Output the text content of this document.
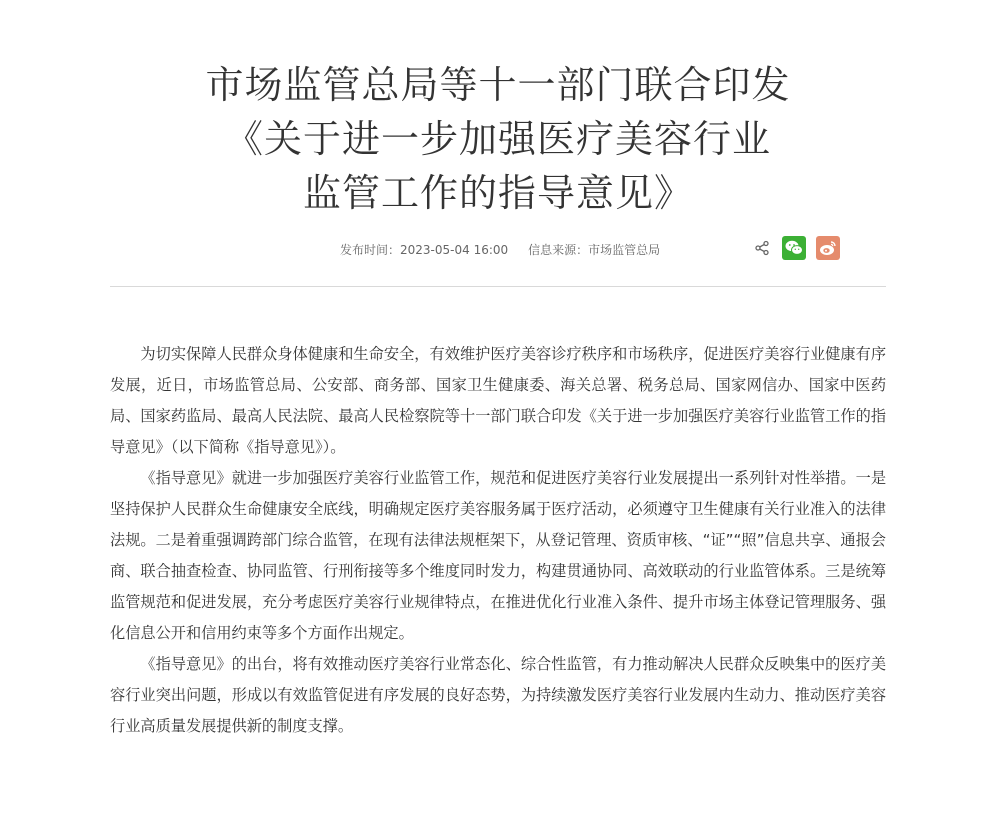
市场监管总局等十一部门联合印发
《关于进一步加强医疗美容行业
监管工作的指导意见》
发布时间：2023-05-04 16:00 信息来源：市场监管总局

为切实保障人民群众身体健康和生命安全，有效维护医疗美容诊疗秩序和市场秩序，促进医疗美容行业健康有序发展，近日，市场监管总局、公安部、商务部、国家卫生健康委、海关总署、税务总局、国家网信办、国家中医药局、国家药监局、最高人民法院、最高人民检察院等十一部门联合印发《关于进一步加强医疗美容行业监管工作的指导意见》（以下简称《指导意见》）。

《指导意见》就进一步加强医疗美容行业监管工作，规范和促进医疗美容行业发展提出一系列针对性举措。一是坚持保护人民群众生命健康安全底线，明确规定医疗美容服务属于医疗活动，必须遵守卫生健康有关行业准入的法律法规。二是着重强调跨部门综合监管，在现有法律法规框架下，从登记管理、资质审核、“证”“照”信息共享、通报会商、联合抽查检查、协同监管、行刑衔接等多个维度同时发力，构建贯通协同、高效联动的行业监管体系。三是统筹监管规范和促进发展，充分考虑医疗美容行业规律特点，在推进优化行业准入条件、提升市场主体登记管理服务、强化信息公开和信用约束等多个方面作出规定。

《指导意见》的出台，将有效推动医疗美容行业常态化、综合性监管，有力推动解决人民群众反映集中的医疗美容行业突出问题，形成以有效监管促进有序发展的良好态势，为持续激发医疗美容行业发展内生动力、推动医疗美容行业高质量发展提供新的制度支撑。
